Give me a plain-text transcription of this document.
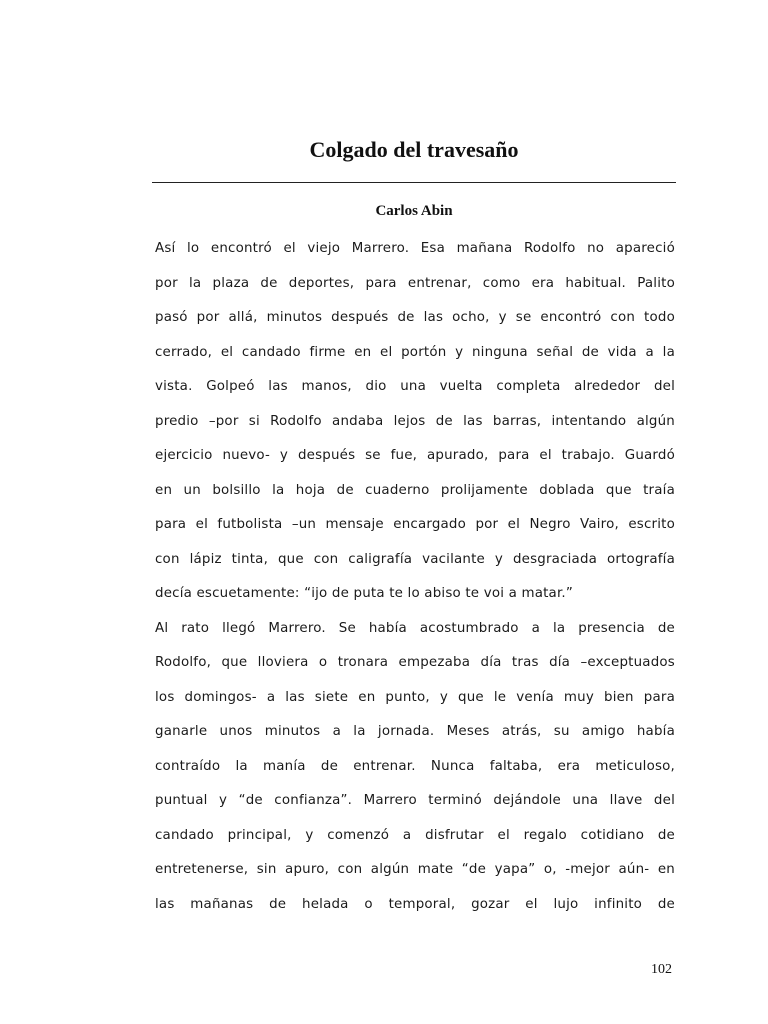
Colgado del travesaño
Carlos Abin
Así lo encontró el viejo Marrero. Esa mañana Rodolfo no apareció
por la plaza de deportes, para entrenar, como era habitual. Palito
pasó por allá, minutos después de las ocho, y se encontró con todo
cerrado, el candado firme en el portón y ninguna señal de vida a la
vista. Golpeó las manos, dio una vuelta completa alrededor del
predio –por si Rodolfo andaba lejos de las barras, intentando algún
ejercicio nuevo- y después se fue, apurado, para el trabajo. Guardó
en un bolsillo la hoja de cuaderno prolijamente doblada que traía
para el futbolista –un mensaje encargado por el Negro Vairo, escrito
con lápiz tinta, que con caligrafía vacilante y desgraciada ortografía
decía escuetamente: “ijo de puta te lo abiso te voi a matar.”
Al rato llegó Marrero. Se había acostumbrado a la presencia de
Rodolfo, que lloviera o tronara empezaba día tras día –exceptuados
los domingos- a las siete en punto, y que le venía muy bien para
ganarle unos minutos a la jornada. Meses atrás, su amigo había
contraído la manía de entrenar. Nunca faltaba, era meticuloso,
puntual y “de confianza”. Marrero terminó dejándole una llave del
candado principal, y comenzó a disfrutar el regalo cotidiano de
entretenerse, sin apuro, con algún mate “de yapa” o, -mejor aún- en
las mañanas de helada o temporal, gozar el lujo infinito de
102
